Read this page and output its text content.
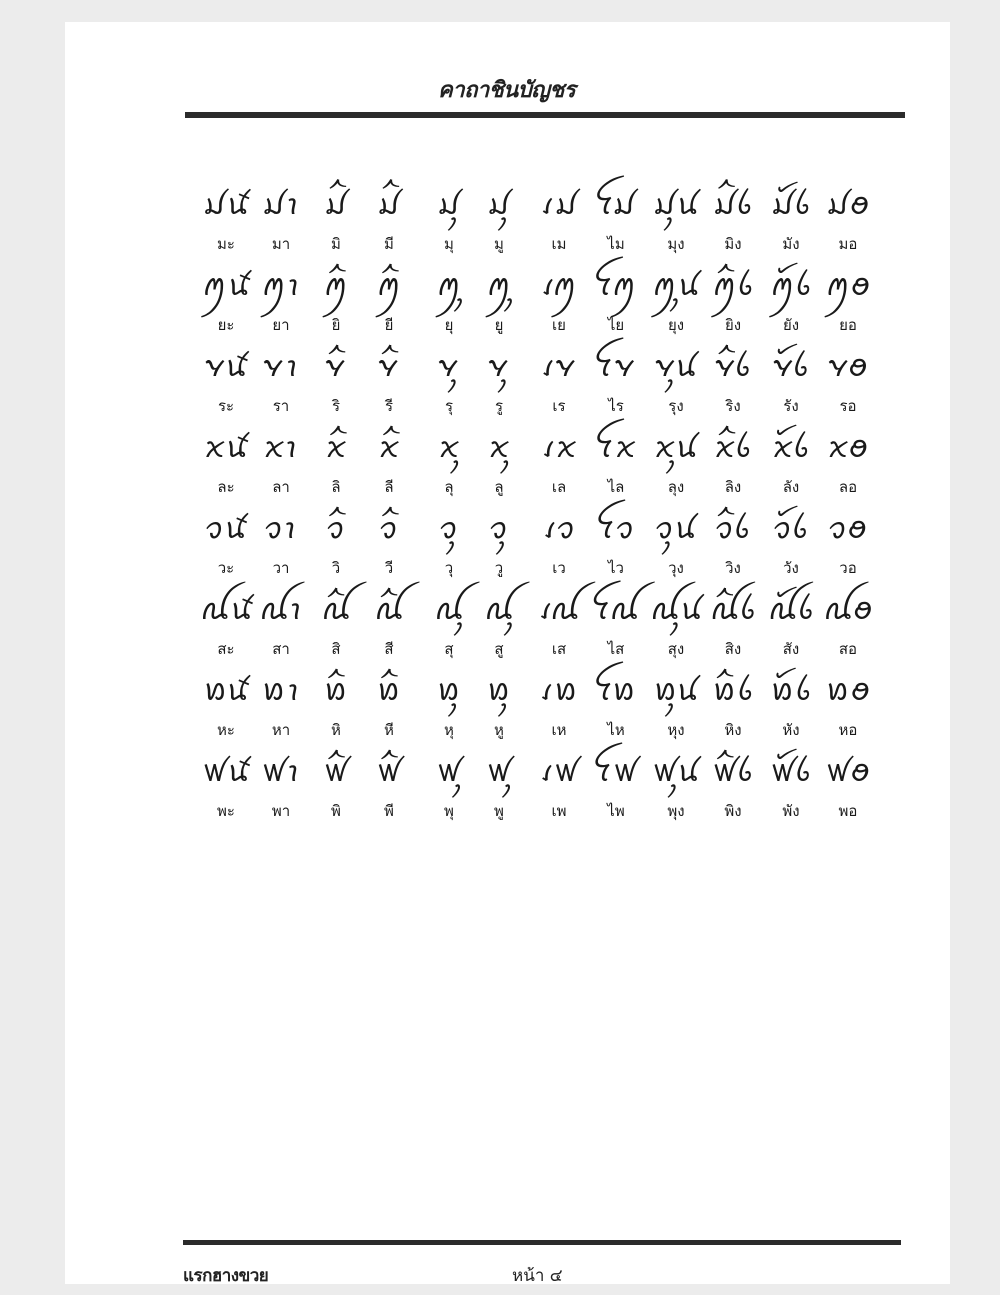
คาถาชินบัญชร
ꪣꪽ ꪣꪱ ꪣꪲ ꪣꪲ	ꪣꪴ ꪣꪴ ꪹꪣ ꪼꪣ ꪣꪴꪙ ꪣꪲꪉ ꪣꪰꪉ ꪣꪮ
มะ	มา	มิ	มี	มุ	มู	เม	ไม	มุง	มิง	มัง	มอ
ꪑꪽ ꪑꪱ ꪑꪲ ꪑꪲ	ꪑꪴ ꪑꪴ ꪹꪑ ꪼꪑ ꪑꪴꪙ ꪑꪲꪉ ꪑꪰꪉ ꪑꪮ
ยะ	ยา	ยิ	ยี	ยุ	ยู	เย	ไย	ยุง	ยิง	ยัง	ยอ
ꪩꪽ ꪩꪱ ꪩꪲ	ꪩꪲ	ꪩꪴ ꪩꪴ	ꪹꪩ ꪼꪩ ꪩꪴꪙ ꪩꪲꪉ ꪩꪰꪉ ꪩꪮ
ระ	รา	ริ	รี	รุ	รู	เร	ไร	รุง	ริง	รัง	รอ
ꪎꪽ ꪎꪱ ꪎꪲ	ꪎꪲ	ꪎꪴ ꪎꪴ	ꪹꪎ ꪼꪎ ꪎꪴꪙ ꪎꪲꪉ ꪎꪰꪉ ꪎꪮ
ละ	ลา	ลิ	ลี	ลุ	ลู	เล	ไล	ลุง	ลิง	ลัง	ลอ
ꪫꪽ ꪫꪱ ꪫꪲ	ꪫꪲ	ꪫꪴ	ꪫꪴ	ꪹꪫ ꪼꪫ ꪫꪴꪙ ꪫꪲꪉ ꪫꪰꪉ ꪫꪮ
วะ	วา	วิ	วี	วุ	วู	เว	ไว	วุง	วิง	วัง	วอ
ꪏꪽ ꪏꪱ ꪏꪲ ꪏꪲ	ꪏꪴ ꪏꪴ ꪹꪏ ꪼꪏ ꪏꪴꪙ ꪏꪲꪉ ꪏꪰꪉ ꪏꪮ
สะ	สา	สิ	สี	สุ	สู	เส	ไส	สุง	สิง	สัง	สอ
ꪭꪽ ꪭꪱ ꪭꪲ ꪭꪲ	ꪭꪴ ꪭꪴ ꪹꪭ ꪼꪭ ꪭꪴꪙ ꪭꪲꪉ ꪭꪰꪉ ꪭꪮ
หะ	หา	หิ	หี	หุ	หู	เห	ไห	หุง	หิง	หัง	หอ
ꪝꪽ ꪝꪱ ꪝꪲ ꪝꪲ	ꪝꪴ ꪝꪴ ꪹꪝ ꪼꪝ ꪝꪴꪙ ꪝꪲꪉ ꪝꪰꪉ ꪝꪮ
พะ	พา	พิ	พี	พุ	พู	เพ	ไพ	พุง	พิง	พัง	พอ
แรกฮางขวย	หน้า ๔
